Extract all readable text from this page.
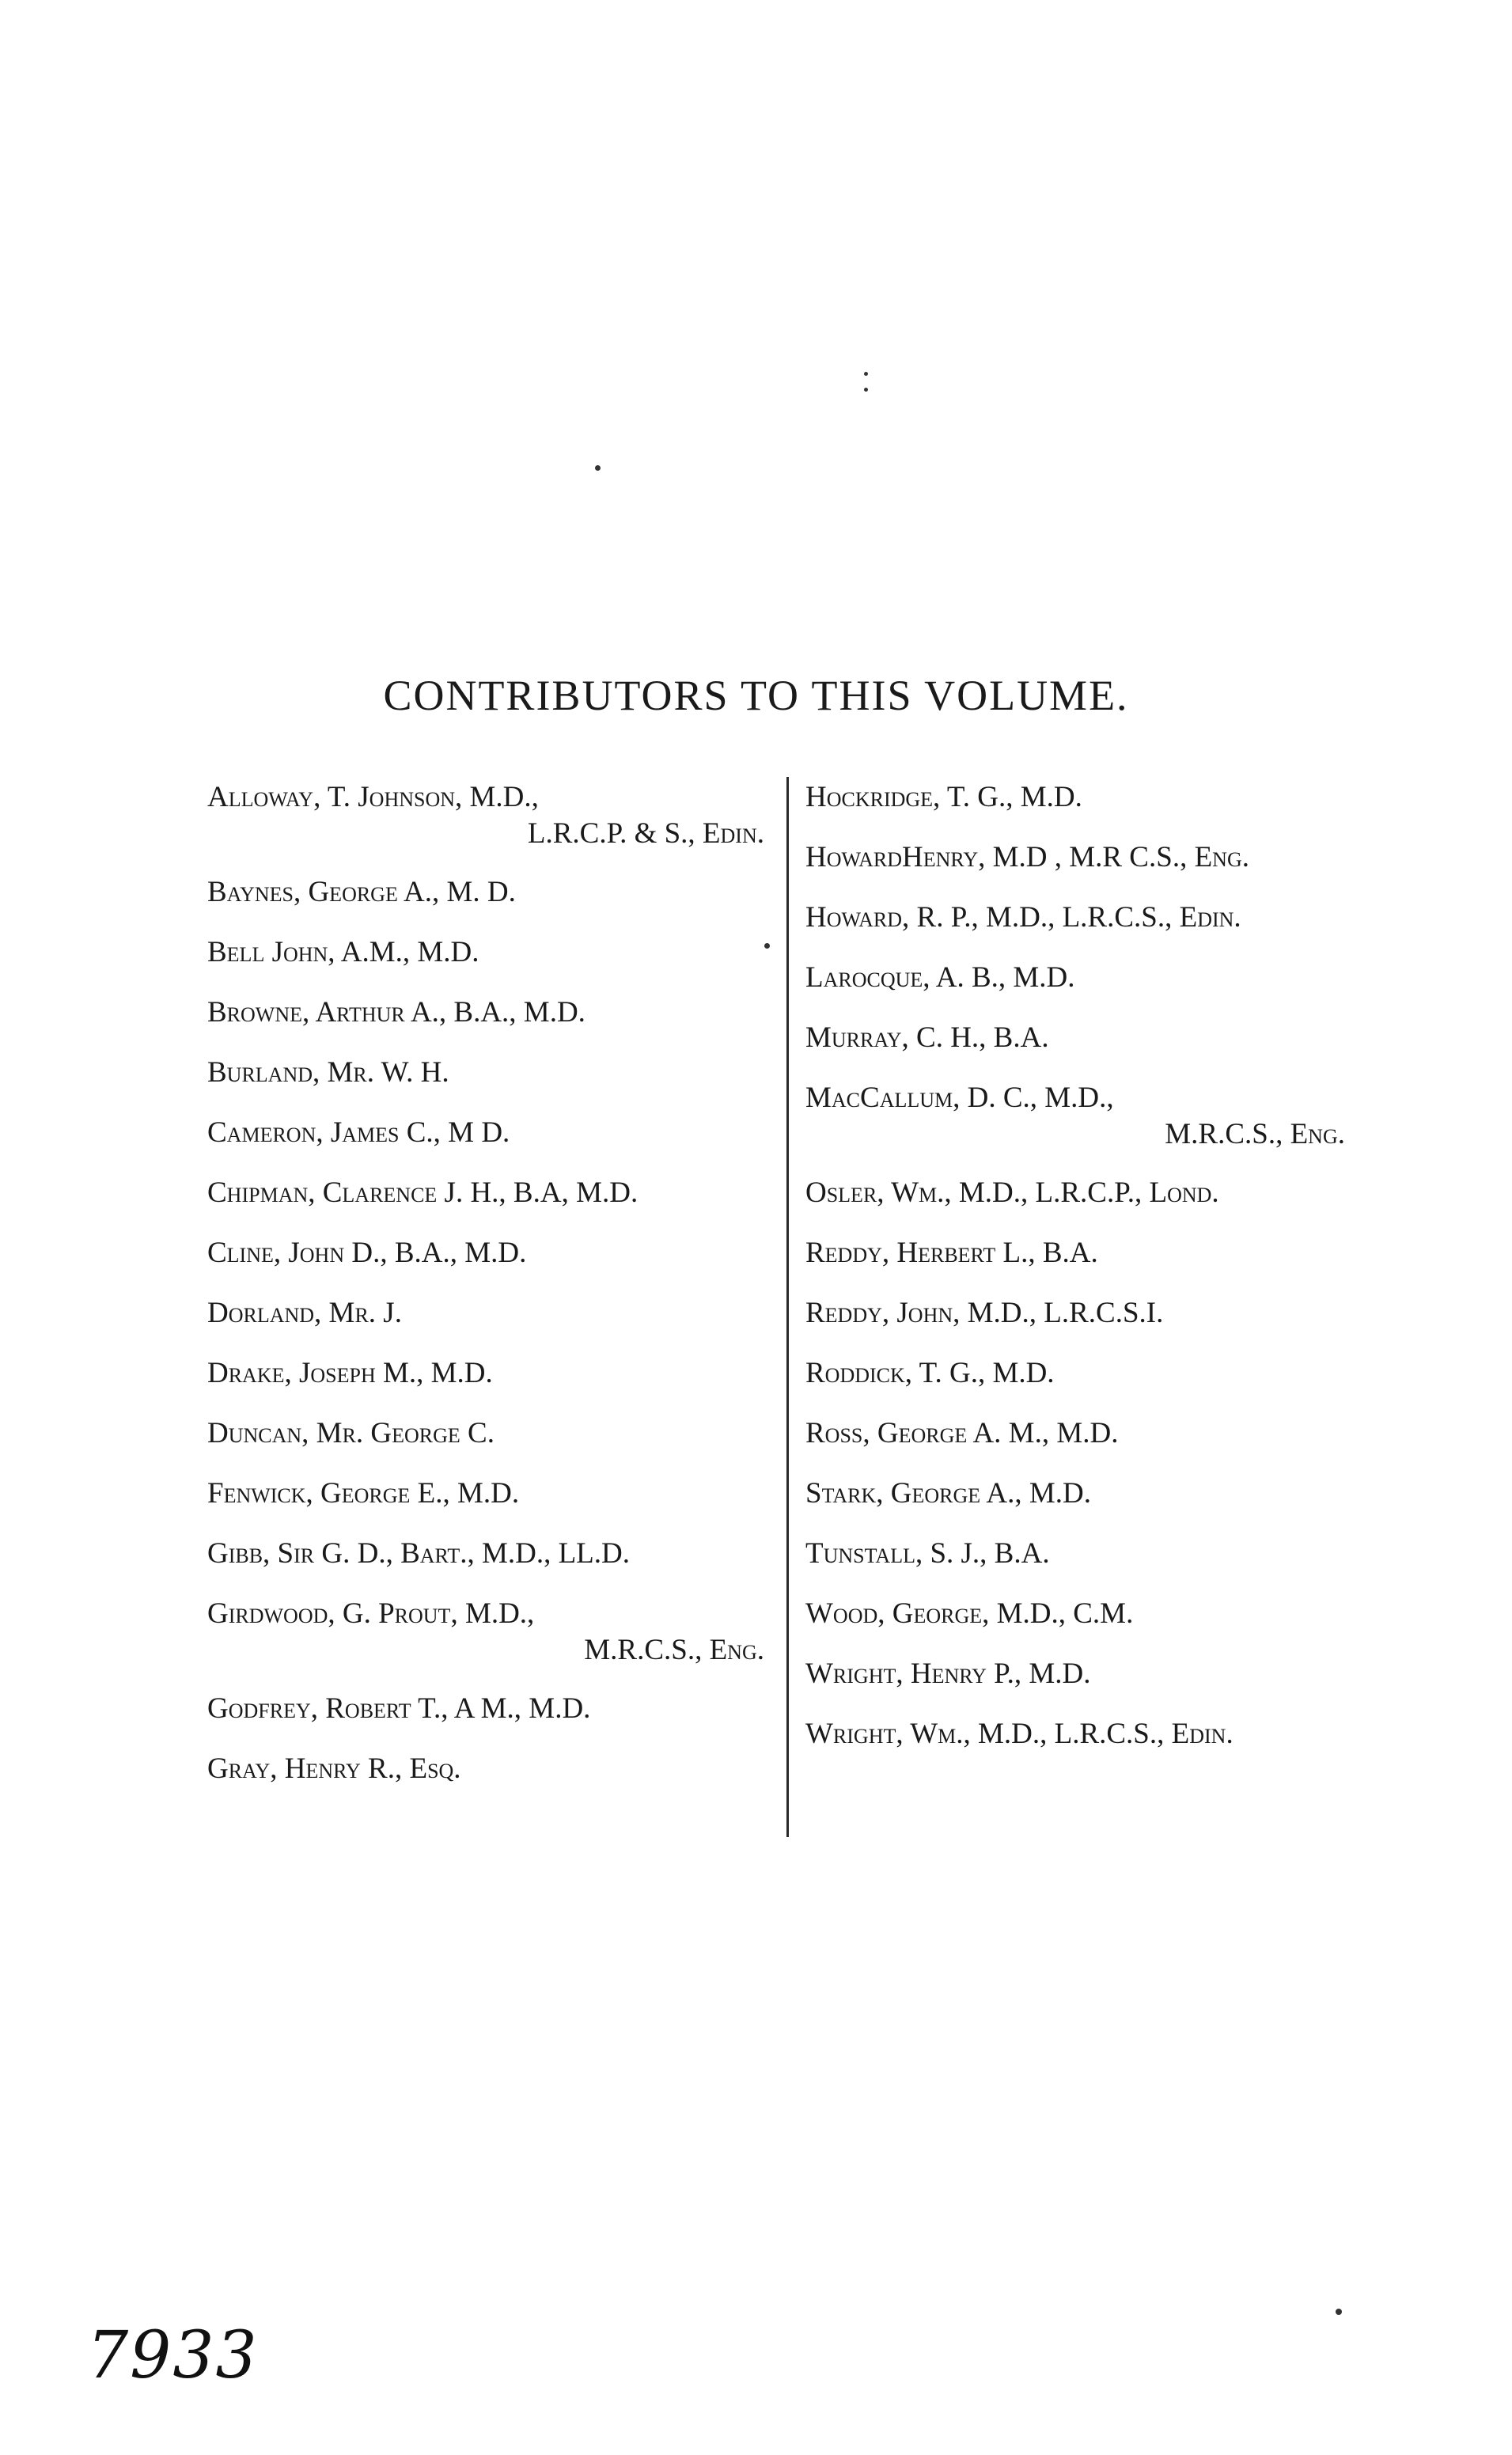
CONTRIBUTORS TO THIS VOLUME.
Alloway, T. Johnson, M.D.,
L.R.C.P. & S., Edin.
Baynes, George A., M. D.
Bell John, A.M., M.D.
Browne, Arthur A., B.A., M.D.
Burland, Mr. W. H.
Cameron, James C., M D.
Chipman, Clarence J. H., B.A, M.D.
Cline, John D., B.A., M.D.
Dorland, Mr. J.
Drake, Joseph M., M.D.
Duncan, Mr. George C.
Fenwick, George E., M.D.
Gibb, Sir G. D., Bart., M.D., LL.D.
Girdwood, G. Prout, M.D.,
M.R.C.S., Eng.
Godfrey, Robert T., A M., M.D.
Gray, Henry R., Esq.
Hockridge, T. G., M.D.
HowardHenry, M.D , M.R C.S., Eng.
Howard, R. P., M.D., L.R.C.S., Edin.
Larocque, A. B., M.D.
Murray, C. H., B.A.
MacCallum, D. C., M.D.,
M.R.C.S., Eng.
Osler, Wm., M.D., L.R.C.P., Lond.
Reddy, Herbert L., B.A.
Reddy, John, M.D., L.R.C.S.I.
Roddick, T. G., M.D.
Ross, George A. M., M.D.
Stark, George A., M.D.
Tunstall, S. J., B.A.
Wood, George, M.D., C.M.
Wright, Henry P., M.D.
Wright, Wm., M.D., L.R.C.S., Edin.
7933
